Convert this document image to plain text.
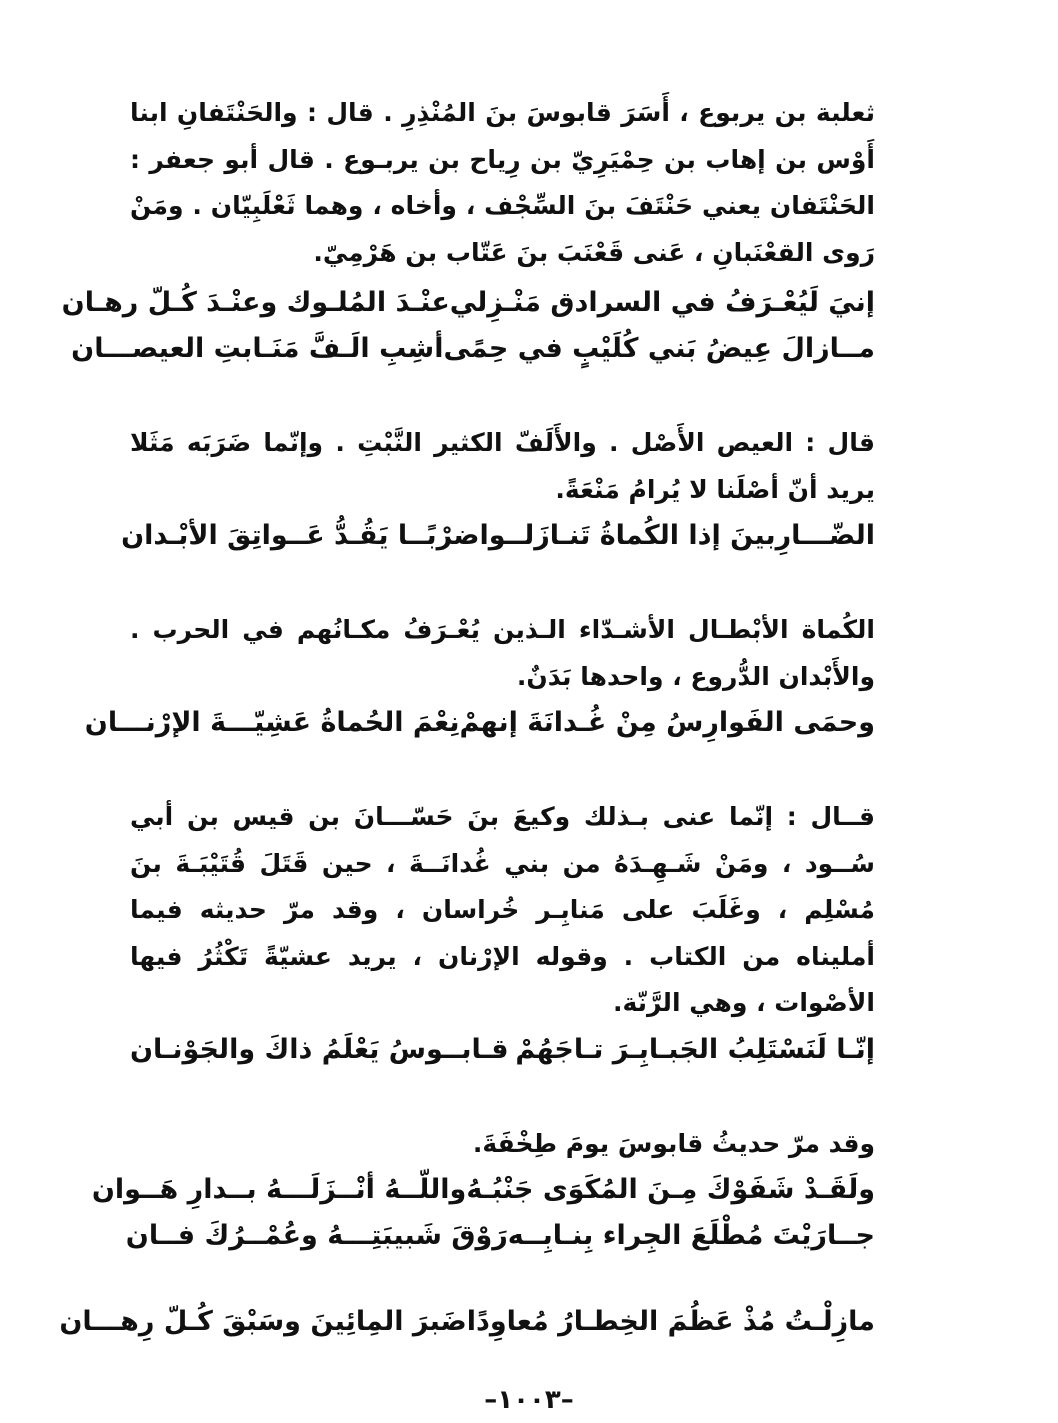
ثعلبة بن يربوع ، أَسَرَ قابوسَ بنَ المُنْذِرِ . قال : والحَنْتَفانِ ابنا أَوْس بن إهاب بن حِمْيَرِيّ بن رِياح بن يربـوع . قال أبو جعفر : الحَنْتَفان يعني حَنْتَفَ بنَ السِّجْف ، وأخاه ، وهما ثَعْلَبِيّان . ومَنْ رَوى القعْنَبانِ ، عَنى قَعْنَبَ بنَ عَتّاب بن هَرْمِيّ.

إنيَ لَيُعْـرَفُ في السرادق مَنْـزِلي
عنْـدَ المُلـوك وعنْـدَ كُـلّ رهـان
مــازالَ عِيضُ بَني كُلَيْبٍ في حِمًى
أشِبِ الَـفَّ مَنَـابتِ العيصـــان

قال : العيص الأَصْل . والأَلَفّ الكثير النَّبْتِ . وإنّما ضَرَبَه مَثَلا يريد أنّ أصْلَنا لا يُرامُ مَنْعَةً.

الضّـــارِبينَ إذا الكُماةُ تَنـازَلــوا
ضرْبًــا يَقُـدُّ عَــواتِقَ الأبْـدان

الكُماة الأبْطـال الأشـدّاء الـذين يُعْـرَفُ مكـانُهم في الحرب . والأَبْدان الدُّروع ، واحدها بَدَنٌ.

وحمَى الفَوارِسُ مِنْ غُـدانَةَ إنهمْ
نِعْمَ الحُماةُ عَشِيّـــةَ الإرْنـــان

قــال : إنّما عنى بـذلك وكيعَ بنَ حَسّـــانَ بن قيس بن أبي سُــود ، ومَنْ شَـهِـدَهُ من بني غُدانَــةَ ، حين قَتَلَ قُتَيْبَـةَ بنَ مُسْلِم ، وغَلَبَ على مَنابِـر خُراسان ، وقد مرّ حديثه فيما أمليناه من الكتاب . وقوله الإرْنان ، يريد عشيّةً تَكْثُرُ فيها الأصْوات ، وهي الرَّنّة.

إنّـا لَنَسْتَلِبُ الجَبـابِـرَ تـاجَهُمْ
قـابــوسُ يَعْلَمُ ذاكَ والجَوْنـان

وقد مرّ حديثُ قابوسَ يومَ طِخْفَةَ.

ولَقَـدْ شَفَوْكَ مِـنَ المُكَوَى جَنْبُـهُ
واللّــهُ أنْــزَلَـــهُ بــدارِ هَــوان
جــارَيْتَ مُطْلَعَ الجِراء بِنـابِــه
رَوْقَ شَبيبَتِـــهُ وعُمْــرُكَ فــان
مازِلْـتُ مُذْ عَظُمَ الخِطـارُ مُعاوِدًا
ضَبرَ المِائِينَ وسَبْقَ كُـلّ رِهـــان
–١٠٠٣–
